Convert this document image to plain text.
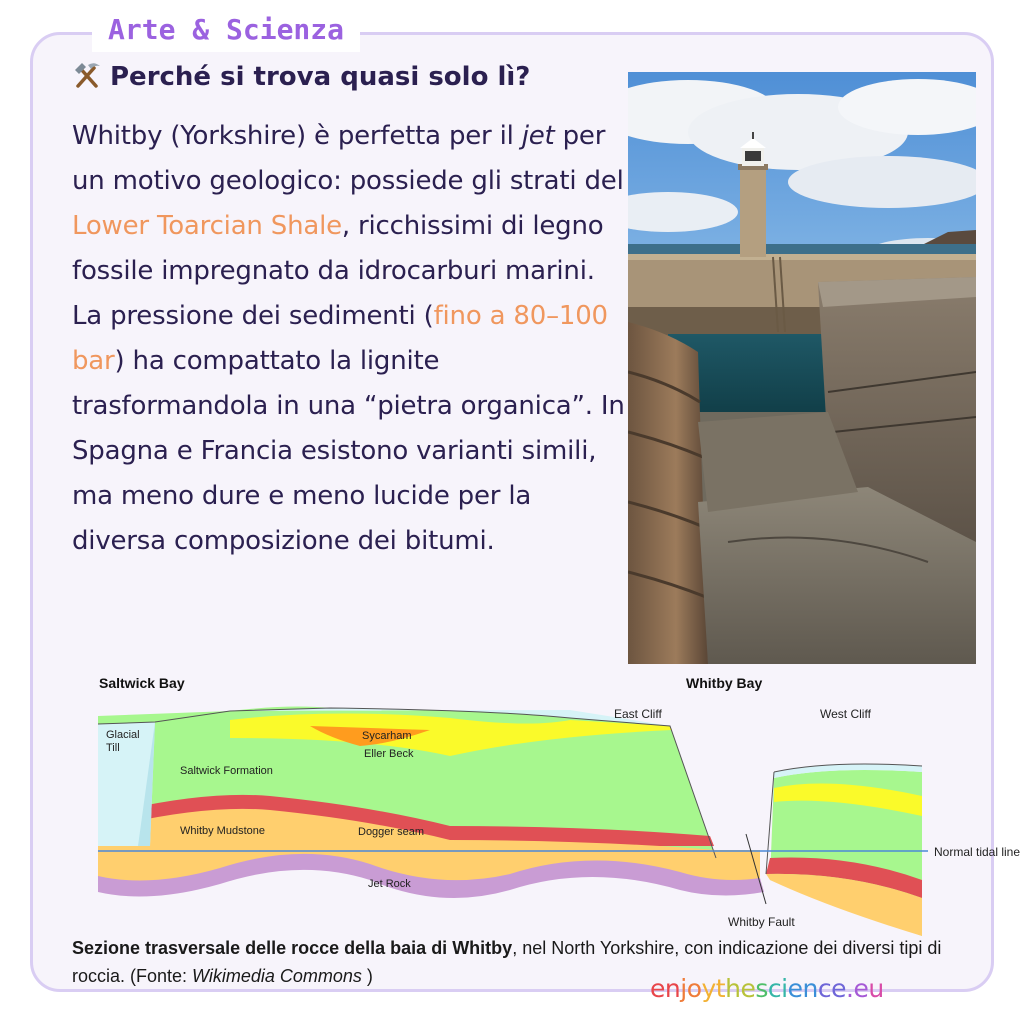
Arte & Scienza
Perché si trova quasi solo lì?
Whitby (Yorkshire) è perfetta per il jet per un motivo geologico: possiede gli strati del Lower Toarcian Shale, ricchissimi di legno fossile impregnato da idrocarburi marini. La pressione dei sedimenti (fino a 80–100 bar) ha compattato la lignite trasformandola in una “pietra organica”. In Spagna e Francia esistono varianti simili, ma meno dure e meno lucide per la diversa composizione dei bitumi.
Saltwick Bay	Whitby Bay
Glacial
Till
Sycarham
Eller Beck
Saltwick Formation
Whitby Mudstone	Dogger seam
Jet Rock
East Cliff	West Cliff
Normal tidal line
Whitby Fault
Sezione trasversale delle rocce della baia di Whitby, nel North Yorkshire, con indicazione dei diversi tipi di roccia. (Fonte: Wikimedia Commons )	enjoythescience.eu
